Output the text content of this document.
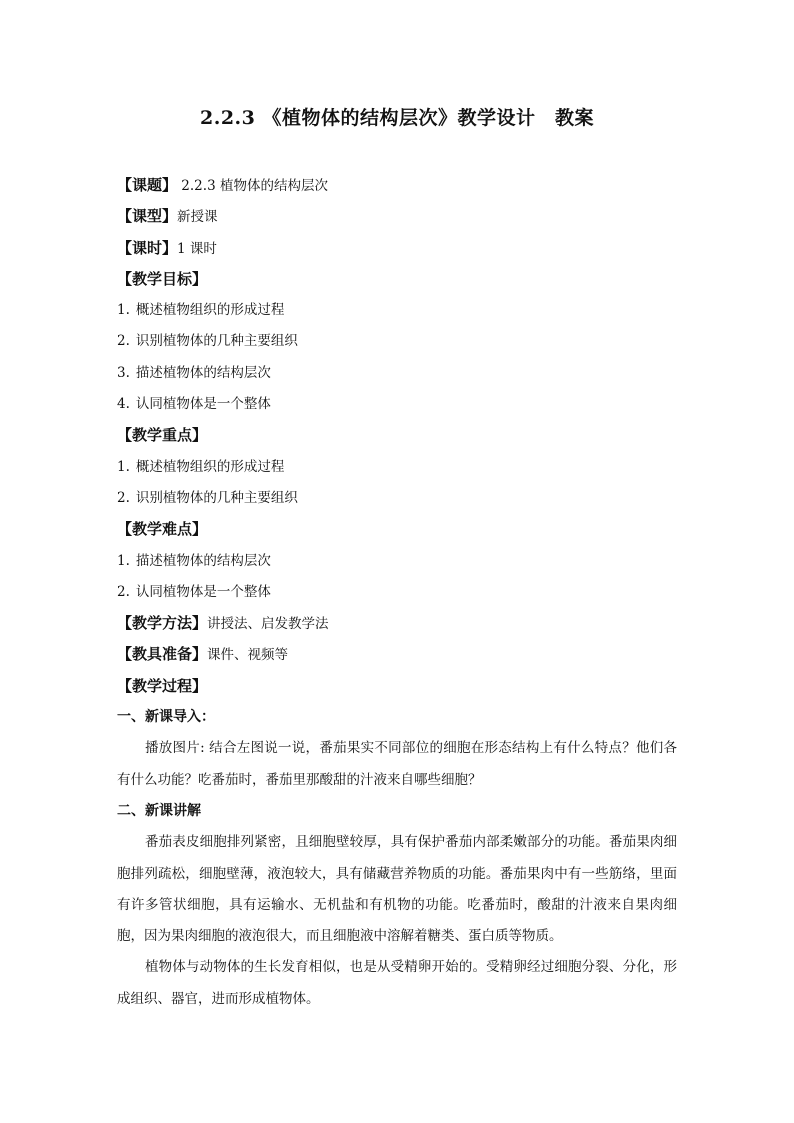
2.2.3 《植物体的结构层次》教学设计　教案
【课题】 2.2.3 植物体的结构层次
【课型】新授课
【课时】1 课时
【教学目标】
1. 概述植物组织的形成过程
2. 识别植物体的几种主要组织
3. 描述植物体的结构层次
4. 认同植物体是一个整体
【教学重点】
1. 概述植物组织的形成过程
2. 识别植物体的几种主要组织
【教学难点】
1. 描述植物体的结构层次
2. 认同植物体是一个整体
【教学方法】讲授法、启发教学法
【教具准备】课件、视频等
【教学过程】
一、新课导入：

播放图片: 结合左图说一说，番茄果实不同部位的细胞在形态结构上有什么特点？他们各有什么功能？吃番茄时，番茄里那酸甜的汁液来自哪些细胞？

二、新课讲解

番茄表皮细胞排列紧密，且细胞壁较厚，具有保护番茄内部柔嫩部分的功能。番茄果肉细胞排列疏松，细胞壁薄，液泡较大，具有储藏营养物质的功能。番茄果肉中有一些筋络，里面有许多管状细胞，具有运输水、无机盐和有机物的功能。吃番茄时，酸甜的汁液来自果肉细胞，因为果肉细胞的液泡很大，而且细胞液中溶解着糖类、蛋白质等物质。

植物体与动物体的生长发育相似，也是从受精卵开始的。受精卵经过细胞分裂、分化，形成组织、器官，进而形成植物体。
